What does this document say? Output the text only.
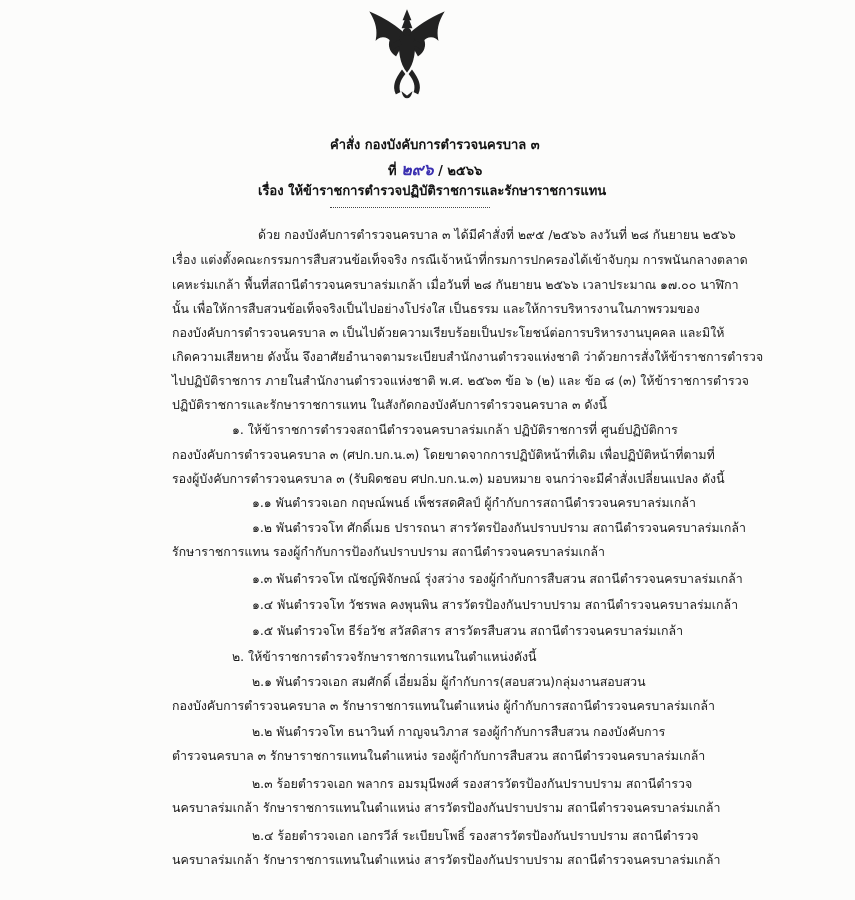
คำสั่ง กองบังคับการตำรวจนครบาล ๓
ที่ ๒๙๖ / ๒๕๖๖
เรื่อง ให้ข้าราชการตำรวจปฏิบัติราชการและรักษาราชการแทน
ด้วย กองบังคับการตำรวจนครบาล ๓ ได้มีคำสั่งที่ ๒๙๕ /๒๕๖๖ ลงวันที่ ๒๘ กันยายน ๒๕๖๖
เรื่อง แต่งตั้งคณะกรรมการสืบสวนข้อเท็จจริง กรณีเจ้าหน้าที่กรมการปกครองได้เข้าจับกุม การพนันกลางตลาด
เคหะร่มเกล้า พื้นที่สถานีตำรวจนครบาลร่มเกล้า เมื่อวันที่ ๒๘ กันยายน ๒๕๖๖ เวลาประมาณ ๑๗.๐๐ นาฬิกา
นั้น เพื่อให้การสืบสวนข้อเท็จจริงเป็นไปอย่างโปร่งใส เป็นธรรม และให้การบริหารงานในภาพรวมของ
กองบังคับการตำรวจนครบาล ๓ เป็นไปด้วยความเรียบร้อยเป็นประโยชน์ต่อการบริหารงานบุคคล และมิให้
เกิดความเสียหาย ดังนั้น จึงอาศัยอำนาจตามระเบียบสำนักงานตำรวจแห่งชาติ ว่าด้วยการสั่งให้ข้าราชการตำรวจ
ไปปฏิบัติราชการ ภายในสำนักงานตำรวจแห่งชาติ พ.ศ. ๒๕๖๓ ข้อ ๖ (๒) และ ข้อ ๘ (๓) ให้ข้าราชการตำรวจ
ปฏิบัติราชการและรักษาราชการแทน ในสังกัดกองบังคับการตำรวจนครบาล ๓ ดังนี้
๑. ให้ข้าราชการตำรวจสถานีตำรวจนครบาลร่มเกล้า ปฏิบัติราชการที่ ศูนย์ปฏิบัติการ
กองบังคับการตำรวจนครบาล ๓ (ศปก.บก.น.๓) โดยขาดจากการปฏิบัติหน้าที่เดิม เพื่อปฏิบัติหน้าที่ตามที่
รองผู้บังคับการตำรวจนครบาล ๓ (รับผิดชอบ ศปก.บก.น.๓) มอบหมาย จนกว่าจะมีคำสั่งเปลี่ยนแปลง ดังนี้
๑.๑ พันตำรวจเอก กฤษณ์พนธ์ เพ็ชรสดศิลป์ ผู้กำกับการสถานีตำรวจนครบาลร่มเกล้า
๑.๒ พันตำรวจโท ศักดิ์เมธ ปรารถนา สารวัตรป้องกันปราบปราม สถานีตำรวจนครบาลร่มเกล้า
รักษาราชการแทน รองผู้กำกับการป้องกันปราบปราม สถานีตำรวจนครบาลร่มเกล้า
๑.๓ พันตำรวจโท ณัชญ์พิจักษณ์ รุ่งสว่าง รองผู้กำกับการสืบสวน สถานีตำรวจนครบาลร่มเกล้า
๑.๔ พันตำรวจโท วัชรพล คงพุนพิน สารวัตรป้องกันปราบปราม สถานีตำรวจนครบาลร่มเกล้า
๑.๕ พันตำรวจโท ธีร์อวัช สวัสดิสาร สารวัตรสืบสวน สถานีตำรวจนครบาลร่มเกล้า
๒. ให้ข้าราชการตำรวจรักษาราชการแทนในตำแหน่งดังนี้
๒.๑ พันตำรวจเอก สมศักดิ์ เอี่ยมอิ่ม ผู้กำกับการ(สอบสวน)กลุ่มงานสอบสวน
กองบังคับการตำรวจนครบาล ๓ รักษาราชการแทนในตำแหน่ง ผู้กำกับการสถานีตำรวจนครบาลร่มเกล้า
๒.๒ พันตำรวจโท ธนาวินท์ กาญจนวิภาส รองผู้กำกับการสืบสวน กองบังคับการ
ตำรวจนครบาล ๓ รักษาราชการแทนในตำแหน่ง รองผู้กำกับการสืบสวน สถานีตำรวจนครบาลร่มเกล้า
๒.๓ ร้อยตำรวจเอก พลากร อมรมุนีพงศ์ รองสารวัตรป้องกันปราบปราม สถานีตำรวจ
นครบาลร่มเกล้า รักษาราชการแทนในตำแหน่ง สารวัตรป้องกันปราบปราม สถานีตำรวจนครบาลร่มเกล้า
๒.๔ ร้อยตำรวจเอก เอกรวีส์ ระเบียบโพธิ์ รองสารวัตรป้องกันปราบปราม สถานีตำรวจ
นครบาลร่มเกล้า รักษาราชการแทนในตำแหน่ง สารวัตรป้องกันปราบปราม สถานีตำรวจนครบาลร่มเกล้า
